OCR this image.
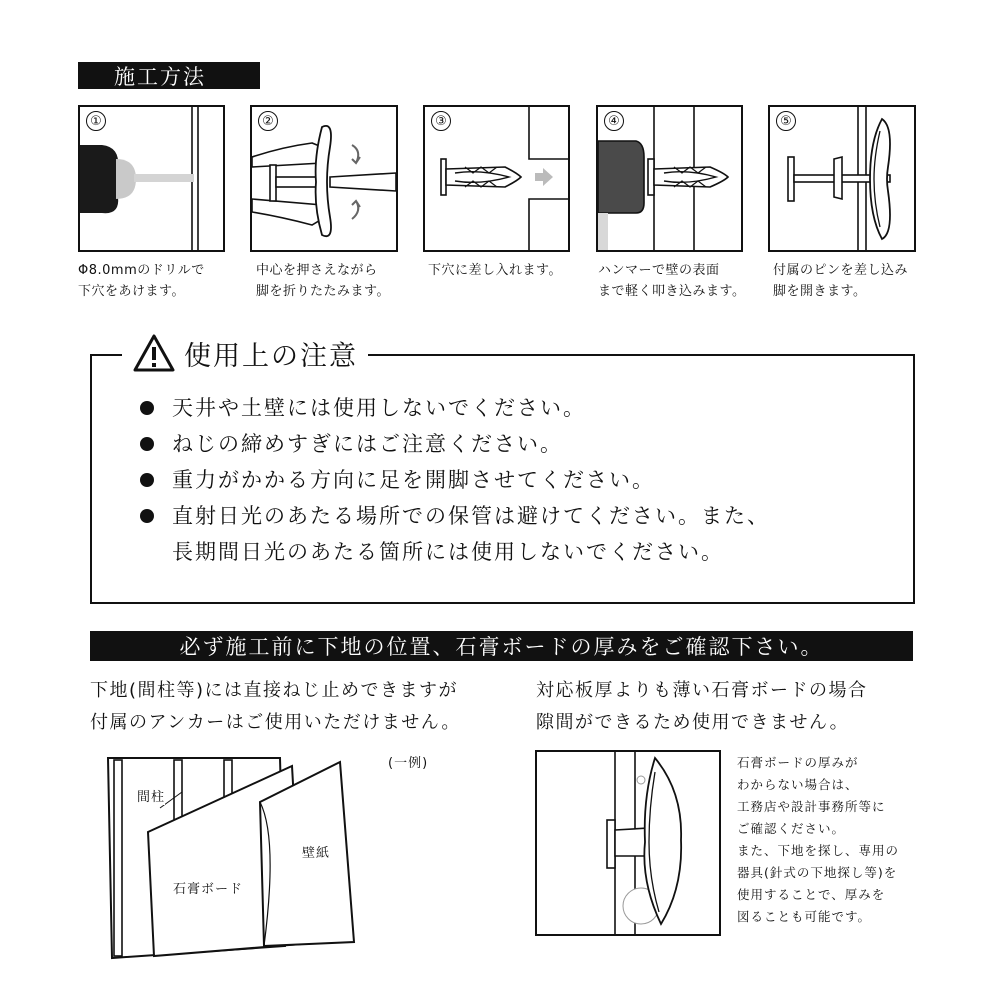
施工方法
①
Φ8.0mmのドリルで
下穴をあけます。
②
中心を押さえながら
脚を折りたたみます。
③
下穴に差し入れます。
④
ハンマーで壁の表面
まで軽く叩き込みます。
⑤
付属のピンを差し込み
脚を開きます。
使用上の注意
天井や土壁には使用しないでください。
ねじの締めすぎにはご注意ください。
重力がかかる方向に足を開脚させてください。
直射日光のあたる場所での保管は避けてください。また、
長期間日光のあたる箇所には使用しないでください。
必ず施工前に下地の位置、石膏ボードの厚みをご確認下さい。
下地(間柱等)には直接ねじ止めできますが
付属のアンカーはご使用いただけません。
対応板厚よりも薄い石膏ボードの場合
隙間ができるため使用できません。
(一例)
間柱
石膏ボード
壁紙
石膏ボードの厚みが
わからない場合は、
工務店や設計事務所等に
ご確認ください。
また、下地を探し、専用の
器具(針式の下地探し等)を
使用することで、厚みを
図ることも可能です。
